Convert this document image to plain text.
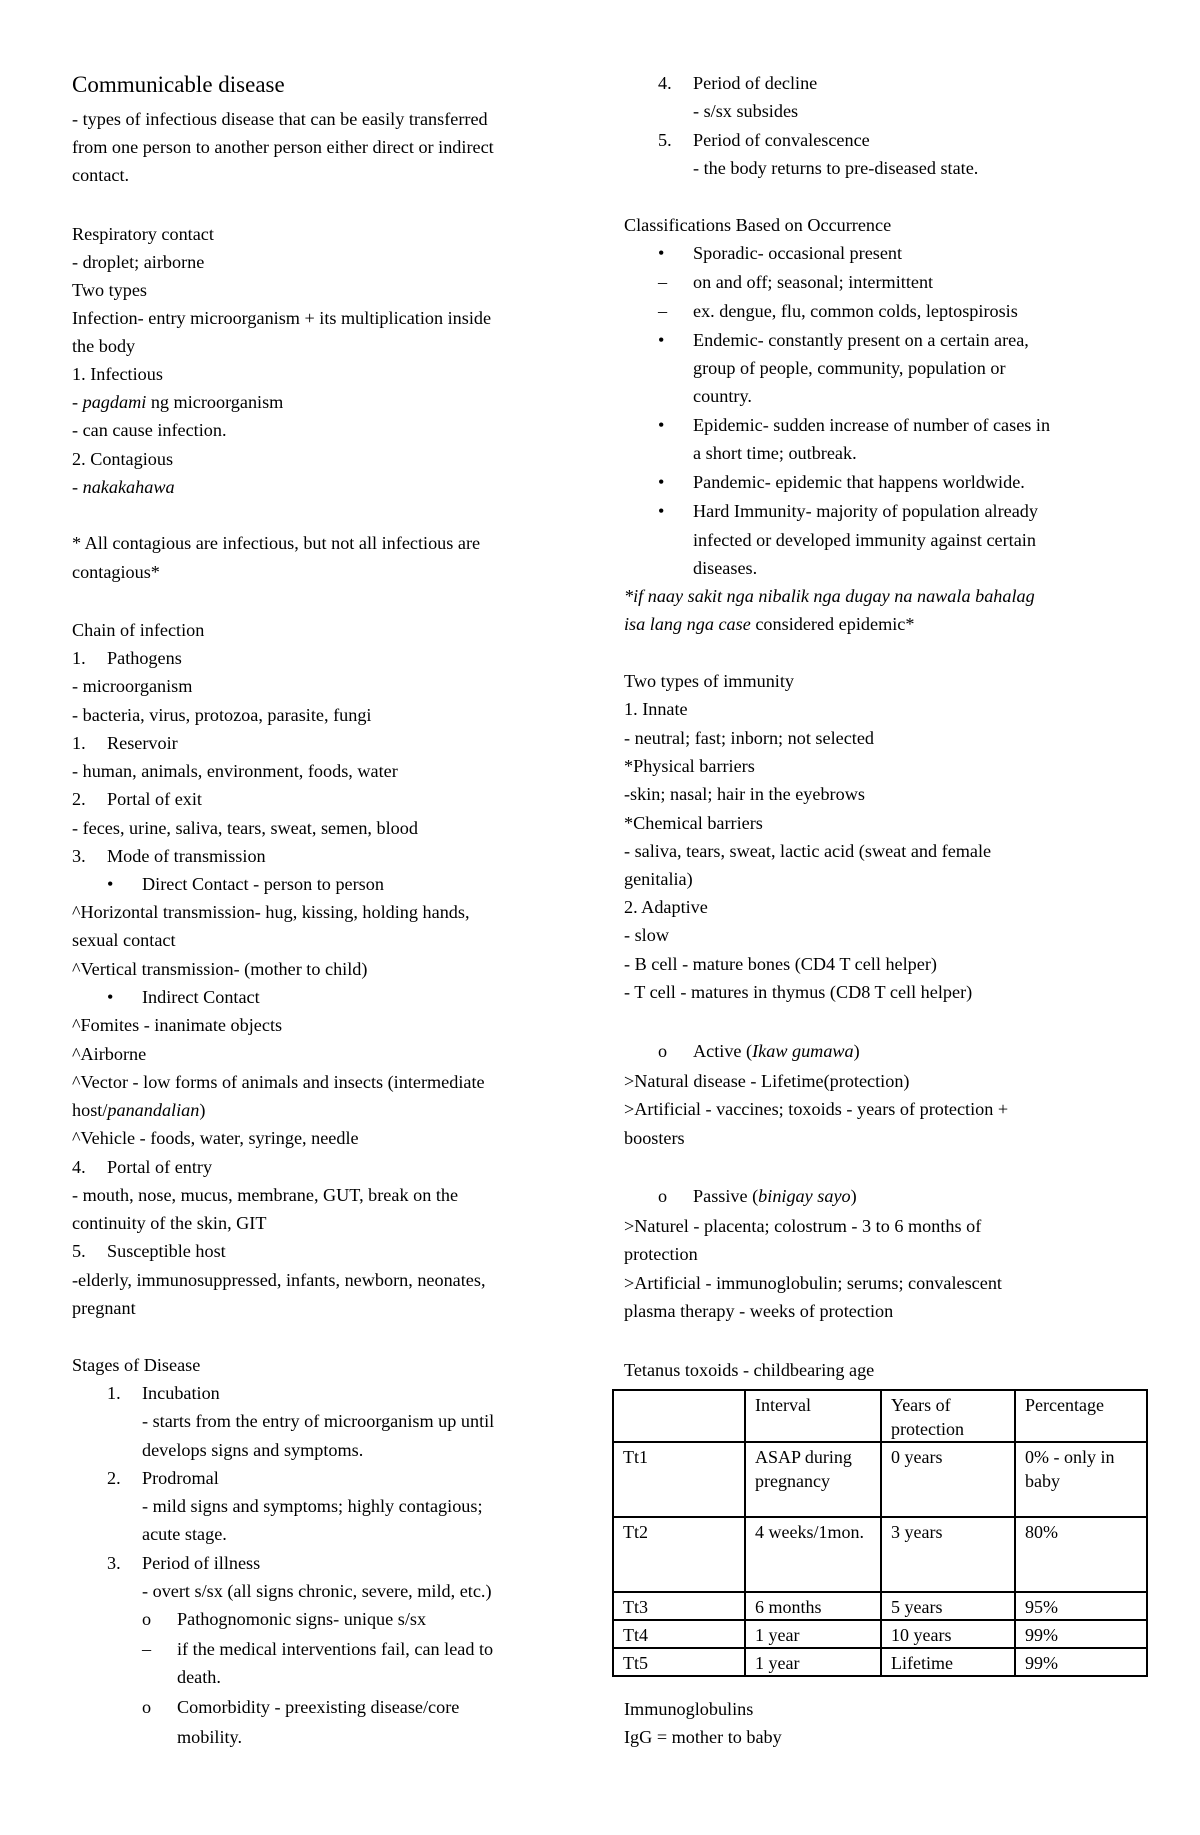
Communicable disease
- types of infectious disease that can be easily transferred
from one person to another person either direct or indirect
contact.
Respiratory contact
- droplet; airborne
Two types
Infection- entry microorganism + its multiplication inside
the body
1. Infectious
- pagdami ng microorganism
- can cause infection.
2. Contagious
- nakakahawa
* All contagious are infectious, but not all infectious are
contagious*
Chain of infection
1. Pathogens
- microorganism
- bacteria, virus, protozoa, parasite, fungi
1. Reservoir
- human, animals, environment, foods, water
2. Portal of exit
- feces, urine, saliva, tears, sweat, semen, blood
3. Mode of transmission
• Direct Contact - person to person
^Horizontal transmission- hug, kissing, holding hands,
sexual contact
^Vertical transmission- (mother to child)
• Indirect Contact
^Fomites - inanimate objects
^Airborne
^Vector - low forms of animals and insects (intermediate
host/panandalian)
^Vehicle - foods, water, syringe, needle
4. Portal of entry
- mouth, nose, mucus, membrane, GUT, break on the
continuity of the skin, GIT
5. Susceptible host
-elderly, immunosuppressed, infants, newborn, neonates,
pregnant
Stages of Disease
1. Incubation
- starts from the entry of microorganism up until
develops signs and symptoms.
2. Prodromal
- mild signs and symptoms; highly contagious;
acute stage.
3. Period of illness
- overt s/sx (all signs chronic, severe, mild, etc.)
o Pathognomonic signs- unique s/sx
– if the medical interventions fail, can lead to
death.
o Comorbidity - preexisting disease/core
mobility.
4. Period of decline
- s/sx subsides
5. Period of convalescence
- the body returns to pre-diseased state.
Classifications Based on Occurrence
• Sporadic- occasional present
– on and off; seasonal; intermittent
– ex. dengue, flu, common colds, leptospirosis
• Endemic- constantly present on a certain area,
group of people, community, population or
country.
• Epidemic- sudden increase of number of cases in
a short time; outbreak.
• Pandemic- epidemic that happens worldwide.
• Hard Immunity- majority of population already
infected or developed immunity against certain
diseases.
*if naay sakit nga nibalik nga dugay na nawala bahalag
isa lang nga case considered epidemic*
Two types of immunity
1. Innate
- neutral; fast; inborn; not selected
*Physical barriers
-skin; nasal; hair in the eyebrows
*Chemical barriers
- saliva, tears, sweat, lactic acid (sweat and female
genitalia)
2. Adaptive
- slow
- B cell - mature bones (CD4 T cell helper)
- T cell - matures in thymus (CD8 T cell helper)
o Active (Ikaw gumawa)
>Natural disease - Lifetime(protection)
>Artificial - vaccines; toxoids - years of protection +
boosters
o Passive (binigay sayo)
>Naturel - placenta; colostrum - 3 to 6 months of
protection
>Artificial - immunoglobulin; serums; convalescent
plasma therapy - weeks of protection
Tetanus toxoids - childbearing age
Immunoglobulins
IgG = mother to baby
	Interval	Years of protection	Percentage
Tt1	ASAP during pregnancy	0 years	0% - only in baby
Tt2	4 weeks/1mon.	3 years	80%
Tt3	6 months	5 years	95%
Tt4	1 year	10 years	99%
Tt5	1 year	Lifetime	99%
